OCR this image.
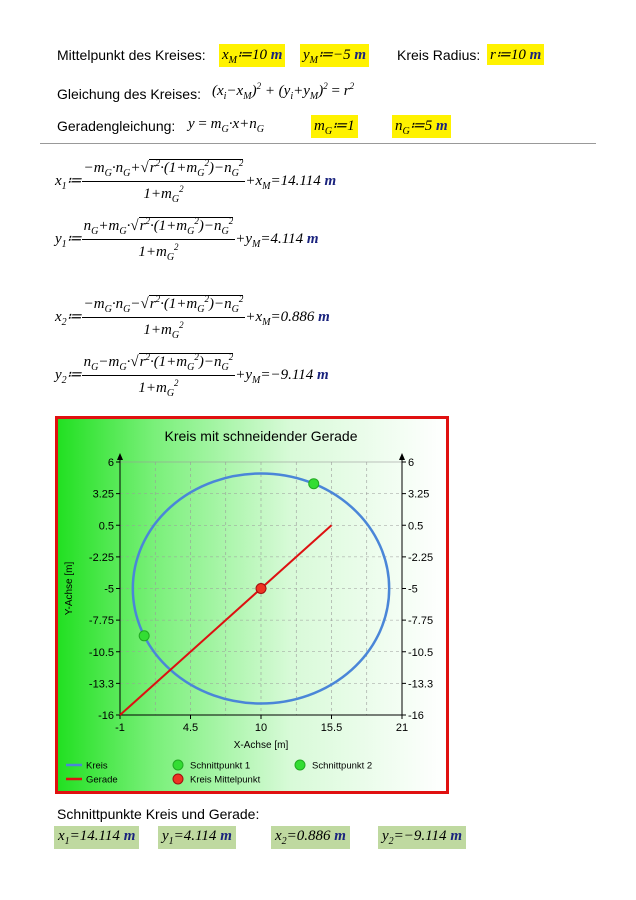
Mittelpunkt des Kreises: $x_M≔10$ m $y_M≔-5$ m Kreis Radius: r≔10 m
Gleichung des Kreises: $(x_i-x_M)^2 + (y_i+y_M)^2 = r^2$
Geradengleichung: $y = m_G\cdot x+n_G$	$m_G≔1$	$n_G≔5$ m
$x_1≔ \frac{-m_G\cdot n_G+√r^2\cdot(1+m_G^2)-n_G^2}{1+m_G^2} +x_M=14.114$ m
$y_1≔ \frac{n_G+m_G\cdot√r^2\cdot(1+m_G^2)-n_G^2}{1+m_G^2} +y_M=4.114$ m
$x_2≔ \frac{-m_G\cdot n_G-√r^2\cdot(1+m_G^2)-n_G^2}{1+m_G^2} +x_M=0.886$ m
$y_2≔ \frac{n_G-m_G\cdot√r^2\cdot(1+m_G^2)-n_G^2}{1+m_G^2} +y_M=-9.114$ m
Kreis mit schneidender Gerade
6	6
3.25	3.25
0.5	0.5
-2.25	-2.25
-5	-5
-7.75	-7.75
-10.5	-10.5
-13.3	-13.3
-16	-16
-1	4.5	10	15.5	21
X-Achse [m]
Y-Achse [m]
Kreis	Schnittpunkt 1	Schnittpunkt 2
Gerade	Kreis Mittelpunkt
Schnittpunkte Kreis und Gerade:
$x_1=14.114$ m $y_1=4.114$ m	$x_2=0.886$ m $y_2=-9.114$ m
